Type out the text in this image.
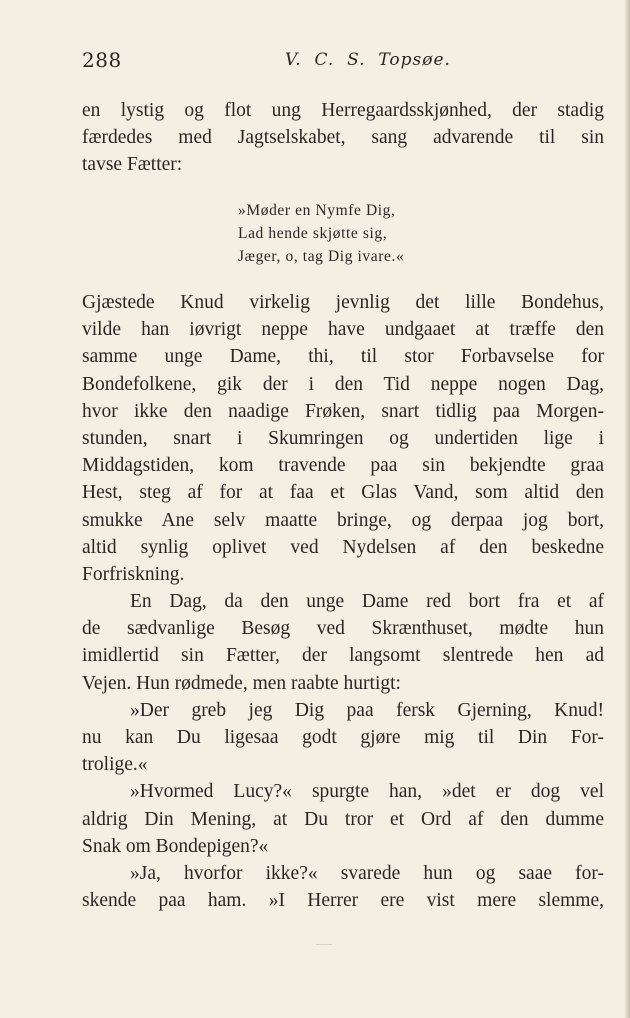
288	V.  C.  S.  Topsøe.
en lystig og flot ung Herregaardsskjønhed, der stadig
færdedes med Jagtselskabet, sang advarende til sin
tavse Fætter:
»Møder en Nymfe Dig,
Lad hende skjøtte sig,
Jæger, o, tag Dig ivare.«
Gjæstede Knud virkelig jevnlig det lille Bondehus,
vilde han iøvrigt neppe have undgaaet at træffe den
samme unge Dame, thi, til stor Forbavselse for
Bondefolkene, gik der i den Tid neppe nogen Dag,
hvor ikke den naadige Frøken, snart tidlig paa Morgen-
stunden, snart i Skumringen og undertiden lige i
Middagstiden, kom travende paa sin bekjendte graa
Hest, steg af for at faa et Glas Vand, som altid den
smukke Ane selv maatte bringe, og derpaa jog bort,
altid synlig oplivet ved Nydelsen af den beskedne
Forfriskning.
En Dag, da den unge Dame red bort fra et af
de sædvanlige Besøg ved Skrænthuset, mødte hun
imidlertid sin Fætter, der langsomt slentrede hen ad
Vejen. Hun rødmede, men raabte hurtigt:
»Der greb jeg Dig paa fersk Gjerning, Knud!
nu kan Du ligesaa godt gjøre mig til Din For-
trolige.«
»Hvormed Lucy?« spurgte han, »det er dog vel
aldrig Din Mening, at Du tror et Ord af den dumme
Snak om Bondepigen?«
»Ja, hvorfor ikke?« svarede hun og saae for-
skende paa ham. »I Herrer ere vist mere slemme,
